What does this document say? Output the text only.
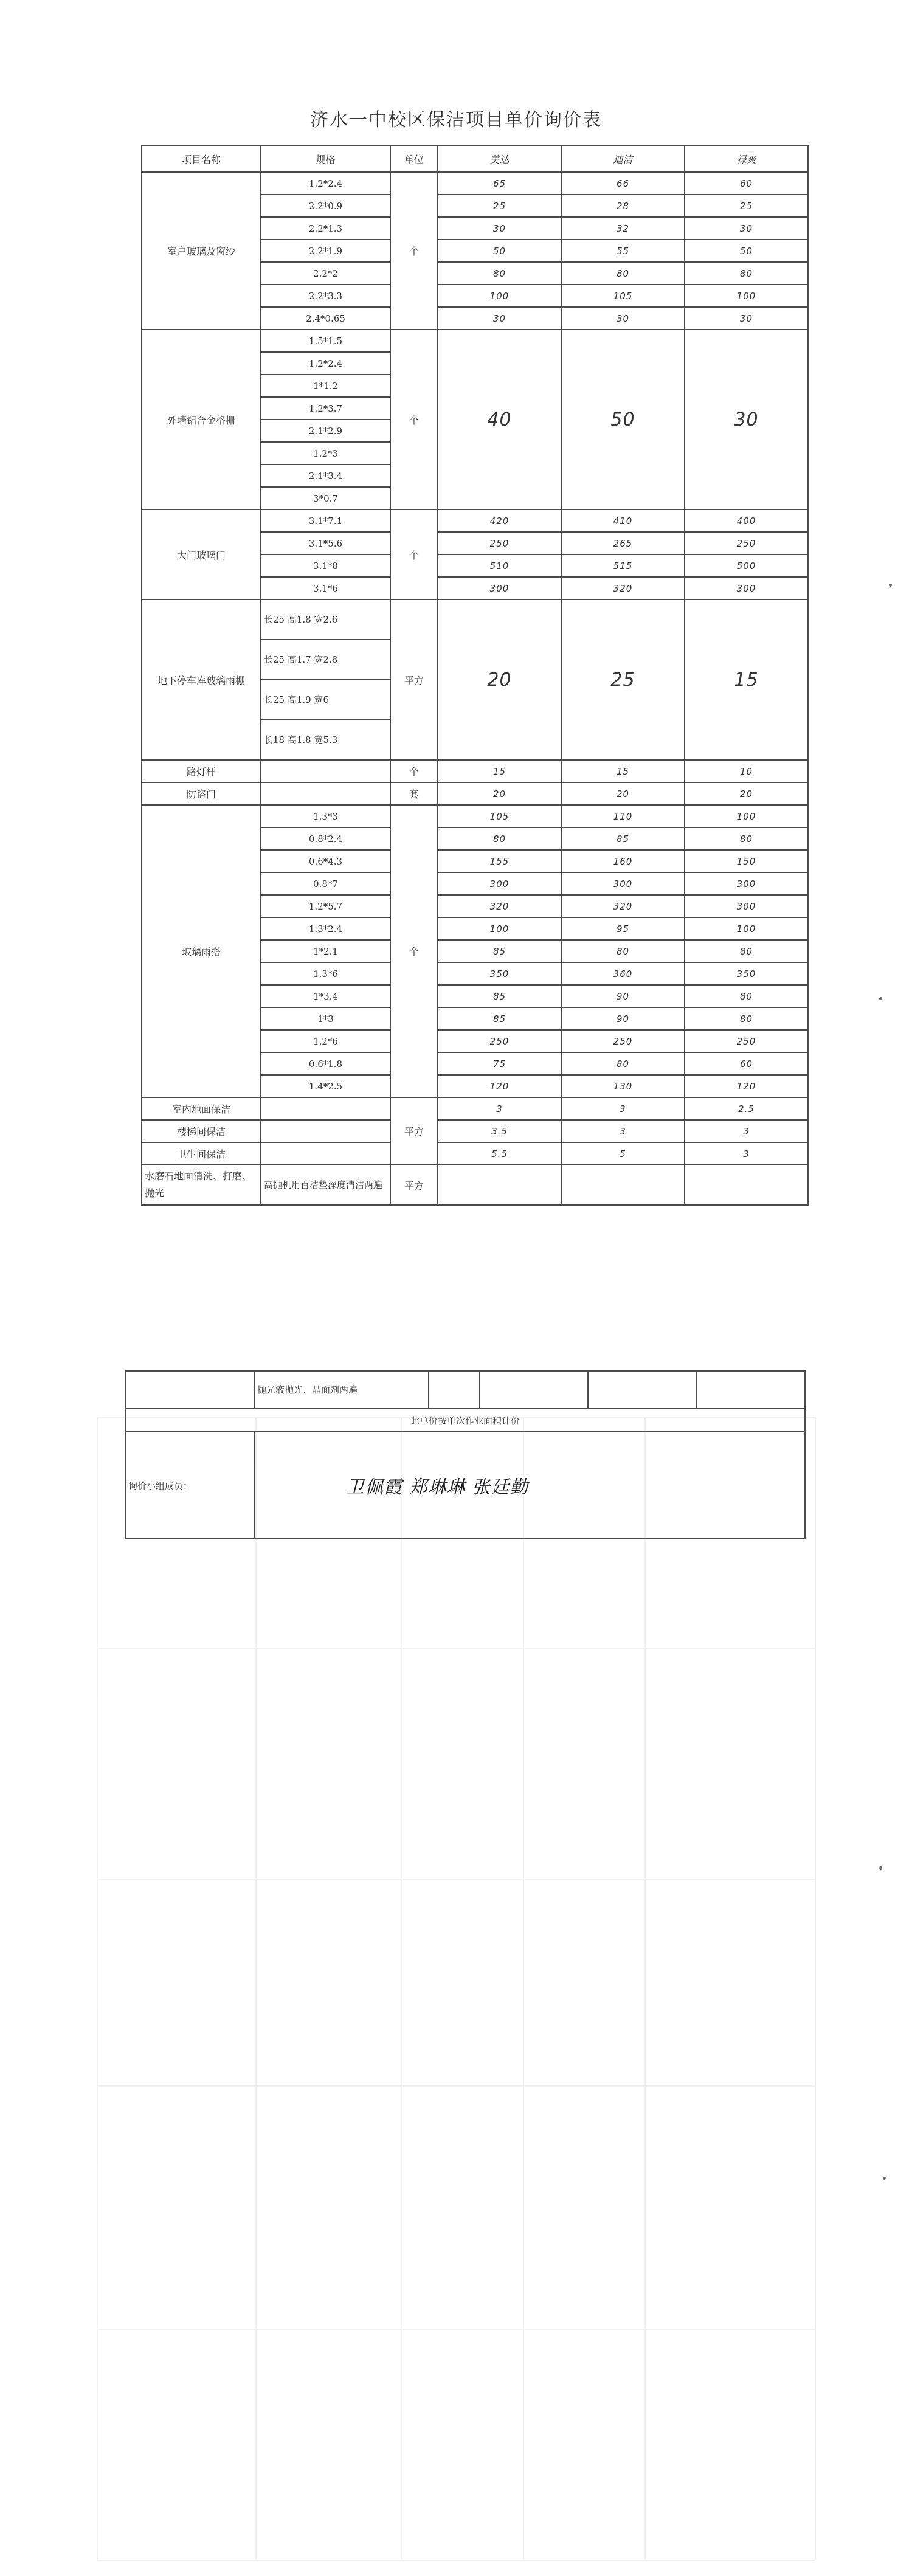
济水一中校区保洁项目单价询价表
项目名称	规格	单位	美达	迪洁	禄爽
室户玻璃及窗纱	1.2*2.4	个	65	66	60
	2.2*0.9		25	28	25
	2.2*1.3		30	32	30
	2.2*1.9		50	55	50
	2.2*2		80	80	80
	2.2*3.3		100	105	100
	2.4*0.65		30	30	30
外墙铝合金格栅	1.5*1.5	个	40	50	30
	1.2*2.4				
	1*1.2				
	1.2*3.7				
	2.1*2.9				
	1.2*3				
	2.1*3.4				
	3*0.7				
大门玻璃门	3.1*7.1	个	420	410	400
	3.1*5.6		250	265	250
	3.1*8		510	515	500
	3.1*6		300	320	300
地下停车库玻璃雨棚	长25 高1.8 宽2.6	平方	20	25	15
	长25 高1.7 宽2.8				
	长25 高1.9 宽6				
	长18 高1.8 宽5.3				
路灯杆		个	15	15	10
防盗门		套	20	20	20
玻璃雨搭	1.3*3	个	105	110	100
	0.8*2.4		80	85	80
	0.6*4.3		155	160	150
	0.8*7		300	300	300
	1.2*5.7		320	320	300
	1.3*2.4		100	95	100
	1*2.1		85	80	80
	1.3*6		350	360	350
	1*3.4		85	90	80
	1*3		85	90	80
	1.2*6		250	250	250
	0.6*1.8		75	80	60
	1.4*2.5		120	130	120
室内地面保洁		平方	3	3	2.5
楼梯间保洁			3.5	3	3
卫生间保洁			5.5	5	3
水磨石地面清洗、打磨、抛光	高抛机用百洁垫深度清洁两遍	平方			
	抛光液抛光、晶面剂两遍				
此单价按单次作业面积计价					
询价小组成员：	卫佩霞 郑琳琳 张廷勤				
